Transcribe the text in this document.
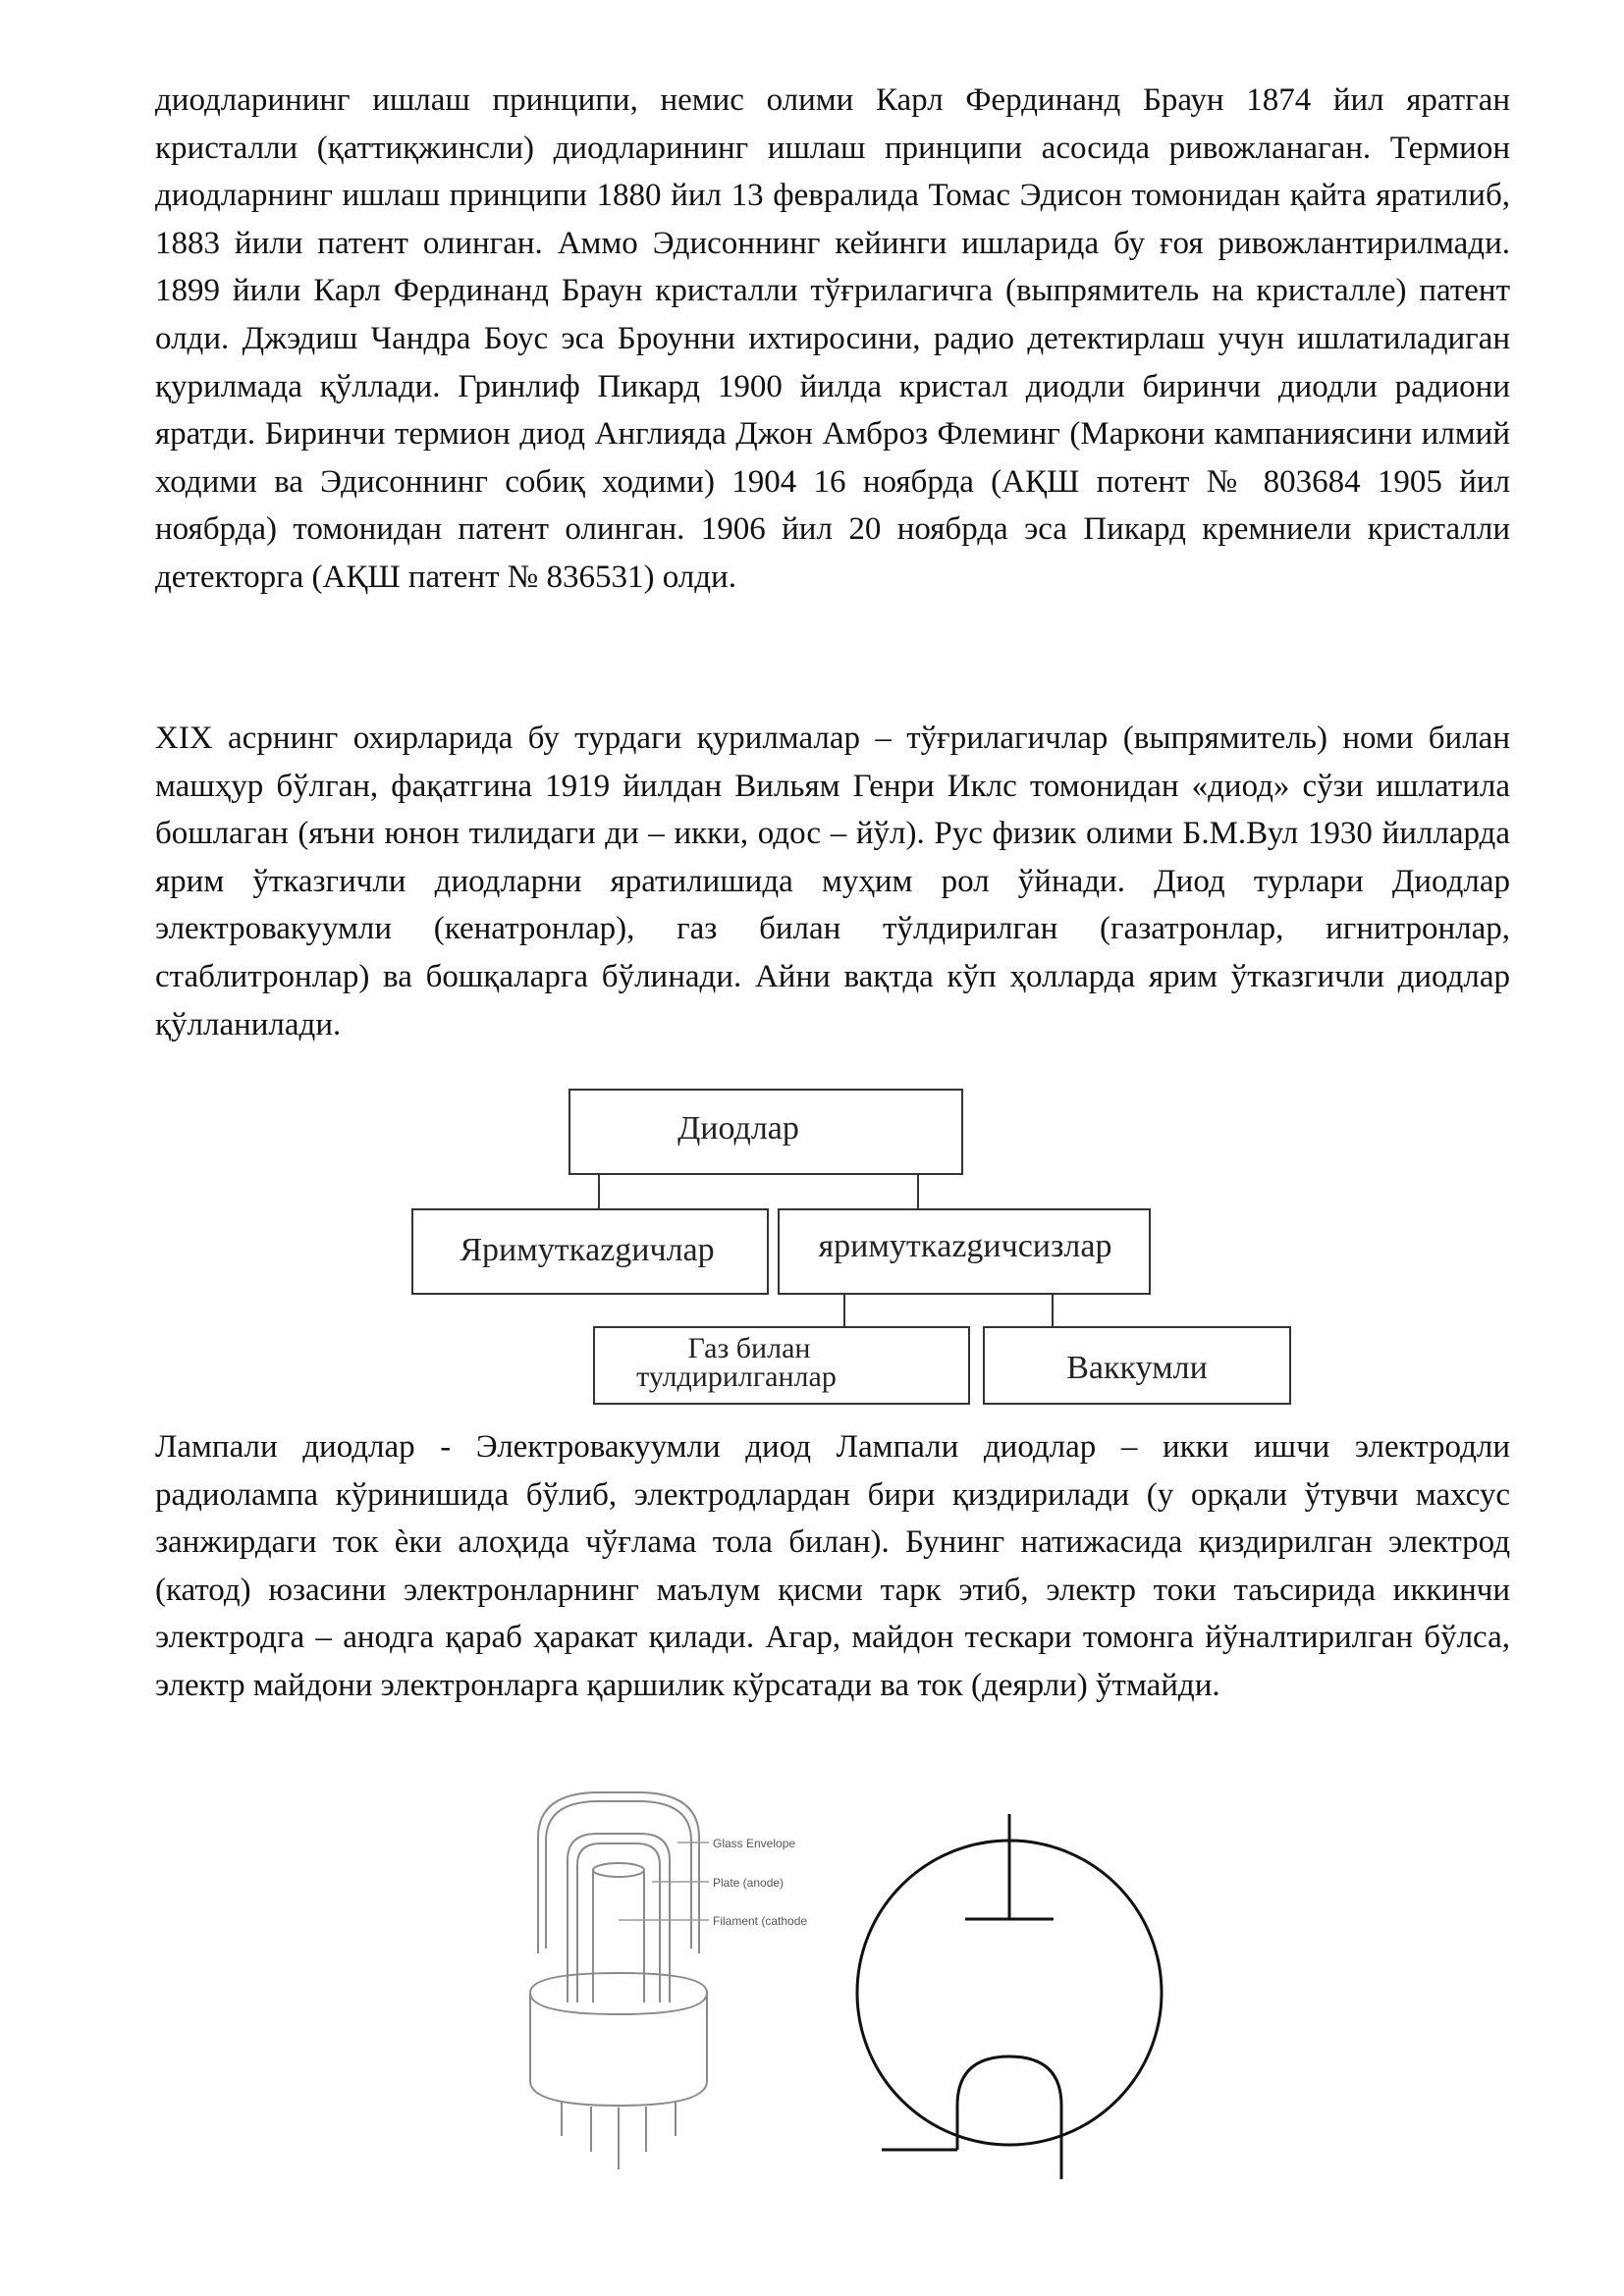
диодларининг ишлаш принципи, немис олими Карл Фердинанд Браун 1874 йил яратган кристалли (қаттиқжинсли) диодларининг ишлаш принципи асосида ривожланаган. Термион диодларнинг ишлаш принципи 1880 йил 13 февралида Томас Эдисон томонидан қайта яратилиб, 1883 йили патент олинган. Аммо Эдисоннинг кейинги ишларида бу ғоя ривожлантирилмади. 1899 йили Карл Фердинанд Браун кристалли тўғрилагичга (выпрямитель на кристалле) патент олди. Джэдиш Чандра Боус эса Броунни ихтиросини, радио детектирлаш учун ишлатиладиган қурилмада қўллади. Гринлиф Пикард 1900 йилда кристал диодли биринчи диодли радиони яратди. Биринчи термион диод Англияда Джон Амброз Флеминг (Маркони кампаниясини илмий ходими ва Эдисоннинг собиқ ходими) 1904 16 ноябрда (АҚШ потент № 803684 1905 йил ноябрда) томонидан патент олинган. 1906 йил 20 ноябрда эса Пикард кремниели кристалли детекторга (АҚШ патент № 836531) олди.

XIX асрнинг охирларида бу турдаги қурилмалар – тўғрилагичлар (выпрямитель) номи билан машҳур бўлган, фақатгина 1919 йилдан Вильям Генри Иклс томонидан «диод» сўзи ишлатила бошлаган (яъни юнон тилидаги ди – икки, одос – йўл). Рус физик олими Б.М.Вул 1930 йилларда ярим ўтказгичли диодларни яратилишида муҳим рол ўйнади. Диод турлари Диодлар электровакуумли (кенатронлар), газ билан тўлдирилган (газатронлар, игнитронлар, стаблитронлар) ва бошқаларга бўлинади. Айни вақтда кўп ҳолларда ярим ўтказгичли диодлар қўлланилади.

Лампали диодлар - Электровакуумли диод Лампали диодлар – икки ишчи электродли радиолампа кўринишида бўлиб, электродлардан бири қиздирилади (у орқали ўтувчи махсус занжирдаги ток ѐки алоҳида чўғлама тола билан). Бунинг натижасида қиздирилган электрод (катод) юзасини электронларнинг маълум қисми тарк этиб, электр токи таъсирида иккинчи электродга – анодга қараб ҳаракат қилади. Агар, майдон тескари томонга йўналтирилган бўлса, электр майдони электронларга қаршилик кўрсатади ва ток (деярли) ўтмайди.

Диодлар
Яримуткazgичлар	яримуткazgичсизлар
Газ билан
тулдирилганлар	Ваккумли
Glass Envelope
Plate (anode)
Filament (cathode
